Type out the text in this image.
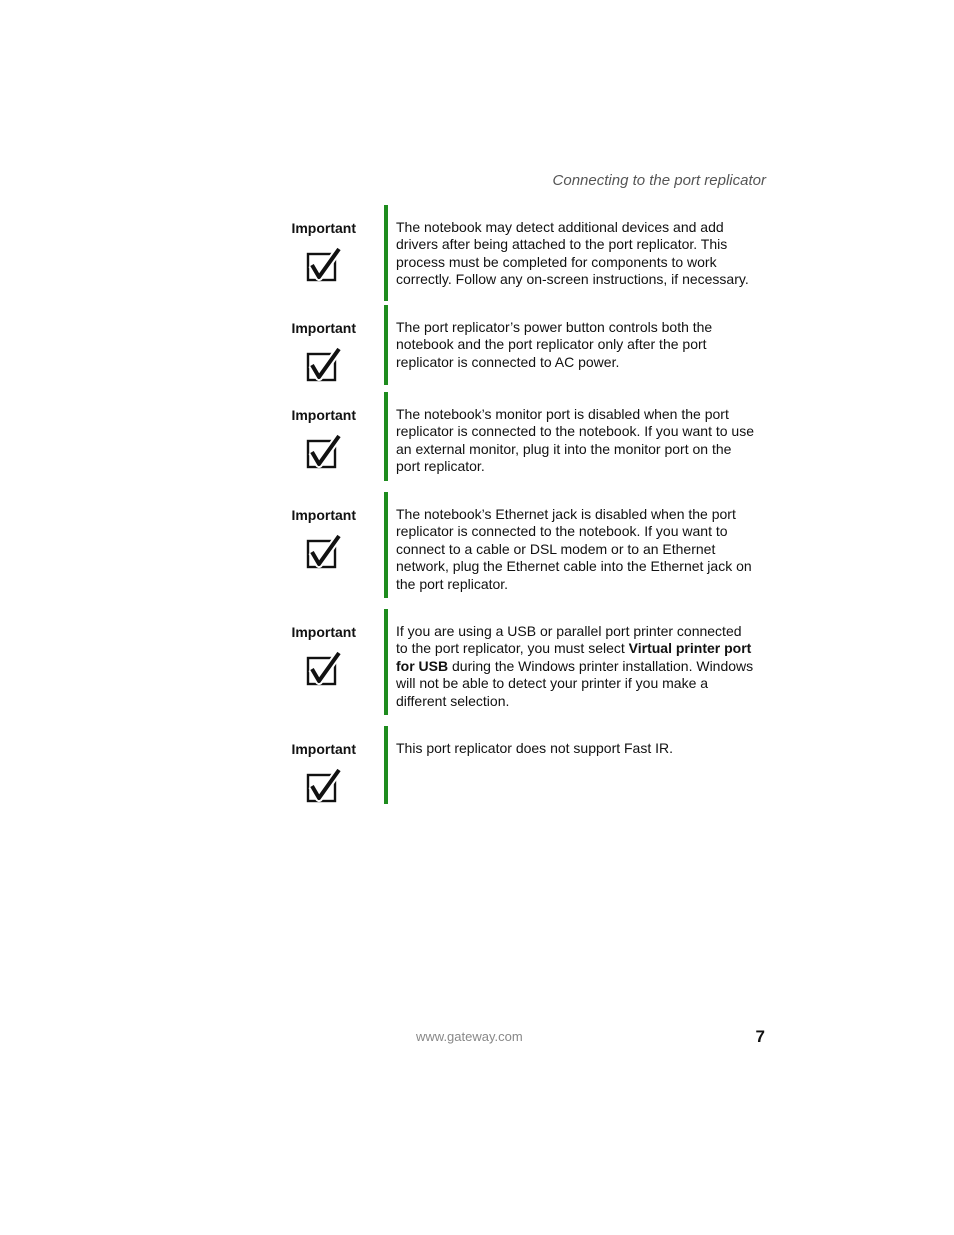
Connecting to the port replicator
Important	The notebook may detect additional devices and add drivers after being attached to the port replicator. This process must be completed for components to work correctly. Follow any on-screen instructions, if necessary.
Important	The port replicator’s power button controls both the notebook and the port replicator only after the port replicator is connected to AC power.
Important	The notebook’s monitor port is disabled when the port replicator is connected to the notebook. If you want to use an external monitor, plug it into the monitor port on the port replicator.
Important	The notebook’s Ethernet jack is disabled when the port replicator is connected to the notebook. If you want to connect to a cable or DSL modem or to an Ethernet network, plug the Ethernet cable into the Ethernet jack on the port replicator.
Important	If you are using a USB or parallel port printer connected to the port replicator, you must select Virtual printer port for USB during the Windows printer installation. Windows will not be able to detect your printer if you make a different selection.
Important	This port replicator does not support Fast IR.
www.gateway.com	7
